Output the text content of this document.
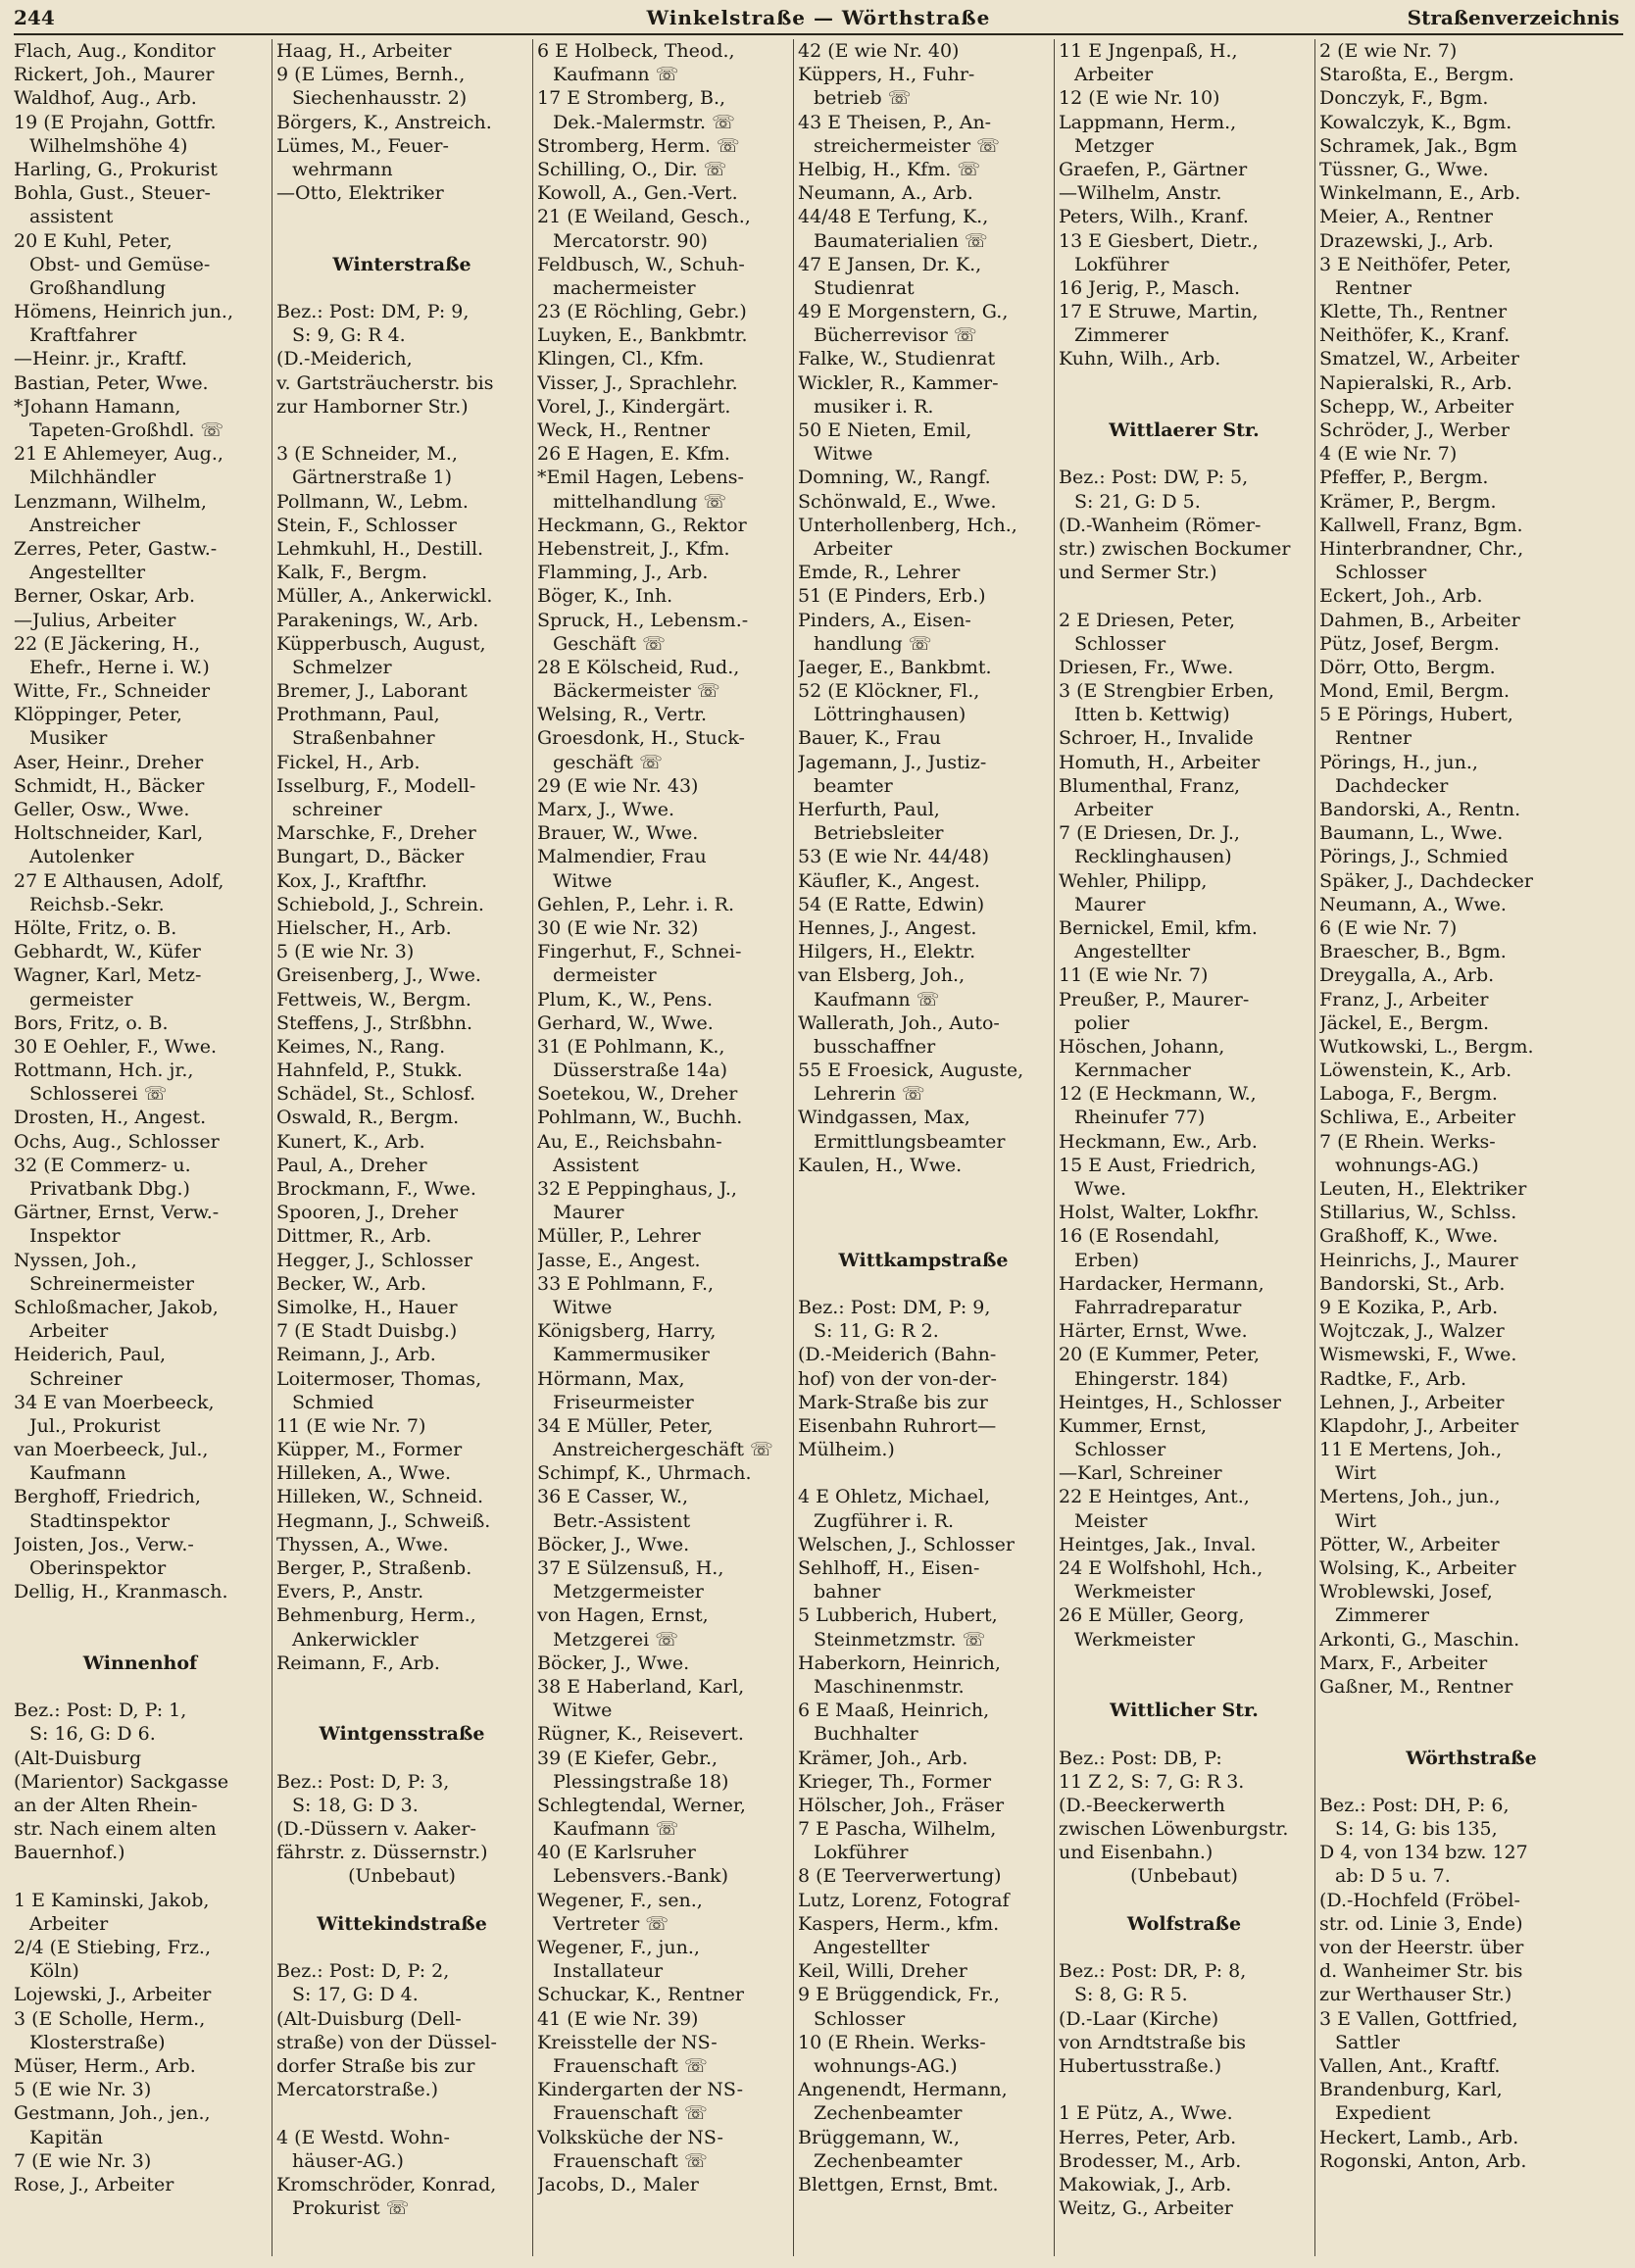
244	Winkelstraße — Wörthstraße	Straßenverzeichnis
Flach, Aug., Konditor
Rickert, Joh., Maurer
Waldhof, Aug., Arb.
19 (E Projahn, Gottfr.
Wilhelmshöhe 4)
Harling, G., Prokurist
Bohla, Gust., Steuer-
assistent
20 E Kuhl, Peter,
Obst- und Gemüse-
Großhandlung
Hömens, Heinrich jun.,
Kraftfahrer
—Heinr. jr., Kraftf.
Bastian, Peter, Wwe.
*Johann Hamann,
Tapeten-Großhdl. ☏
21 E Ahlemeyer, Aug.,
Milchhändler
Lenzmann, Wilhelm,
Anstreicher
Zerres, Peter, Gastw.-
Angestellter
Berner, Oskar, Arb.
—Julius, Arbeiter
22 (E Jäckering, H.,
Ehefr., Herne i. W.)
Witte, Fr., Schneider
Klöppinger, Peter,
Musiker
Aser, Heinr., Dreher
Schmidt, H., Bäcker
Geller, Osw., Wwe.
Holtschneider, Karl,
Autolenker
27 E Althausen, Adolf,
Reichsb.-Sekr.
Hölte, Fritz, o. B.
Gebhardt, W., Küfer
Wagner, Karl, Metz-
germeister
Bors, Fritz, o. B.
30 E Oehler, F., Wwe.
Rottmann, Hch. jr.,
Schlosserei ☏
Drosten, H., Angest.
Ochs, Aug., Schlosser
32 (E Commerz- u.
Privatbank Dbg.)
Gärtner, Ernst, Verw.-
Inspektor
Nyssen, Joh.,
Schreinermeister
Schloßmacher, Jakob,
Arbeiter
Heiderich, Paul,
Schreiner
34 E van Moerbeeck,
Jul., Prokurist
van Moerbeeck, Jul.,
Kaufmann
Berghoff, Friedrich,
Stadtinspektor
Joisten, Jos., Verw.-
Oberinspektor
Dellig, H., Kranmasch.
Winnenhof
Bez.: Post: D, P: 1,
S: 16, G: D 6.
(Alt-Duisburg
(Marientor) Sackgasse
an der Alten Rhein-
str. Nach einem alten
Bauernhof.)
1 E Kaminski, Jakob,
Arbeiter
2/4 (E Stiebing, Frz.,
Köln)
Lojewski, J., Arbeiter
3 (E Scholle, Herm.,
Klosterstraße)
Müser, Herm., Arb.
5 (E wie Nr. 3)
Gestmann, Joh., jen.,
Kapitän
7 (E wie Nr. 3)
Rose, J., Arbeiter
Haag, H., Arbeiter
9 (E Lümes, Bernh.,
Siechenhausstr. 2)
Börgers, K., Anstreich.
Lümes, M., Feuer-
wehrmann
—Otto, Elektriker
Winterstraße
Bez.: Post: DM, P: 9,
S: 9, G: R 4.
(D.-Meiderich,
v. Gartsträucherstr. bis
zur Hamborner Str.)
3 (E Schneider, M.,
Gärtnerstraße 1)
Pollmann, W., Lebm.
Stein, F., Schlosser
Lehmkuhl, H., Destill.
Kalk, F., Bergm.
Müller, A., Ankerwickl.
Parakenings, W., Arb.
Küpperbusch, August,
Schmelzer
Bremer, J., Laborant
Prothmann, Paul,
Straßenbahner
Fickel, H., Arb.
Isselburg, F., Modell-
schreiner
Marschke, F., Dreher
Bungart, D., Bäcker
Kox, J., Kraftfhr.
Schiebold, J., Schrein.
Hielscher, H., Arb.
5 (E wie Nr. 3)
Greisenberg, J., Wwe.
Fettweis, W., Bergm.
Steffens, J., Strßbhn.
Keimes, N., Rang.
Hahnfeld, P., Stukk.
Schädel, St., Schlosf.
Oswald, R., Bergm.
Kunert, K., Arb.
Paul, A., Dreher
Brockmann, F., Wwe.
Spooren, J., Dreher
Dittmer, R., Arb.
Hegger, J., Schlosser
Becker, W., Arb.
Simolke, H., Hauer
7 (E Stadt Duisbg.)
Reimann, J., Arb.
Loitermoser, Thomas,
Schmied
11 (E wie Nr. 7)
Küpper, M., Former
Hilleken, A., Wwe.
Hilleken, W., Schneid.
Hegmann, J., Schweiß.
Thyssen, A., Wwe.
Berger, P., Straßenb.
Evers, P., Anstr.
Behmenburg, Herm.,
Ankerwickler
Reimann, F., Arb.
Wintgensstraße
Bez.: Post: D, P: 3,
S: 18, G: D 3.
(D.-Düssern v. Aaker-
fährstr. z. Düssernstr.)
(Unbebaut)
Wittekindstraße
Bez.: Post: D, P: 2,
S: 17, G: D 4.
(Alt-Duisburg (Dell-
straße) von der Düssel-
dorfer Straße bis zur
Mercatorstraße.)
4 (E Westd. Wohn-
häuser-AG.)
Kromschröder, Konrad,
Prokurist ☏
6 E Holbeck, Theod.,
Kaufmann ☏
17 E Stromberg, B.,
Dek.-Malermstr. ☏
Stromberg, Herm. ☏
Schilling, O., Dir. ☏
Kowoll, A., Gen.-Vert.
21 (E Weiland, Gesch.,
Mercatorstr. 90)
Feldbusch, W., Schuh-
machermeister
23 (E Röchling, Gebr.)
Luyken, E., Bankbmtr.
Klingen, Cl., Kfm.
Visser, J., Sprachlehr.
Vorel, J., Kindergärt.
Weck, H., Rentner
26 E Hagen, E. Kfm.
*Emil Hagen, Lebens-
mittelhandlung ☏
Heckmann, G., Rektor
Hebenstreit, J., Kfm.
Flamming, J., Arb.
Böger, K., Inh.
Spruck, H., Lebensm.-
Geschäft ☏
28 E Kölscheid, Rud.,
Bäckermeister ☏
Welsing, R., Vertr.
Groesdonk, H., Stuck-
geschäft ☏
29 (E wie Nr. 43)
Marx, J., Wwe.
Brauer, W., Wwe.
Malmendier, Frau
Witwe
Gehlen, P., Lehr. i. R.
30 (E wie Nr. 32)
Fingerhut, F., Schnei-
dermeister
Plum, K., W., Pens.
Gerhard, W., Wwe.
31 (E Pohlmann, K.,
Düsserstraße 14a)
Soetekou, W., Dreher
Pohlmann, W., Buchh.
Au, E., Reichsbahn-
Assistent
32 E Peppinghaus, J.,
Maurer
Müller, P., Lehrer
Jasse, E., Angest.
33 E Pohlmann, F.,
Witwe
Königsberg, Harry,
Kammermusiker
Hörmann, Max,
Friseurmeister
34 E Müller, Peter,
Anstreichergeschäft ☏
Schimpf, K., Uhrmach.
36 E Casser, W.,
Betr.-Assistent
Böcker, J., Wwe.
37 E Sülzensuß, H.,
Metzgermeister
von Hagen, Ernst,
Metzgerei ☏
Böcker, J., Wwe.
38 E Haberland, Karl,
Witwe
Rügner, K., Reisevert.
39 (E Kiefer, Gebr.,
Plessingstraße 18)
Schlegtendal, Werner,
Kaufmann ☏
40 (E Karlsruher
Lebensvers.-Bank)
Wegener, F., sen.,
Vertreter ☏
Wegener, F., jun.,
Installateur
Schuckar, K., Rentner
41 (E wie Nr. 39)
Kreisstelle der NS-
Frauenschaft ☏
Kindergarten der NS-
Frauenschaft ☏
Volksküche der NS-
Frauenschaft ☏
Jacobs, D., Maler
42 (E wie Nr. 40)
Küppers, H., Fuhr-
betrieb ☏
43 E Theisen, P., An-
streichermeister ☏
Helbig, H., Kfm. ☏
Neumann, A., Arb.
44/48 E Terfung, K.,
Baumaterialien ☏
47 E Jansen, Dr. K.,
Studienrat
49 E Morgenstern, G.,
Bücherrevisor ☏
Falke, W., Studienrat
Wickler, R., Kammer-
musiker i. R.
50 E Nieten, Emil,
Witwe
Domning, W., Rangf.
Schönwald, E., Wwe.
Unterhollenberg, Hch.,
Arbeiter
Emde, R., Lehrer
51 (E Pinders, Erb.)
Pinders, A., Eisen-
handlung ☏
Jaeger, E., Bankbmt.
52 (E Klöckner, Fl.,
Löttringhausen)
Bauer, K., Frau
Jagemann, J., Justiz-
beamter
Herfurth, Paul,
Betriebsleiter
53 (E wie Nr. 44/48)
Käufler, K., Angest.
54 (E Ratte, Edwin)
Hennes, J., Angest.
Hilgers, H., Elektr.
van Elsberg, Joh.,
Kaufmann ☏
Wallerath, Joh., Auto-
busschaffner
55 E Froesick, Auguste,
Lehrerin ☏
Windgassen, Max,
Ermittlungsbeamter
Kaulen, H., Wwe.
Wittkampstraße
Bez.: Post: DM, P: 9,
S: 11, G: R 2.
(D.-Meiderich (Bahn-
hof) von der von-der-
Mark-Straße bis zur
Eisenbahn Ruhrort—
Mülheim.)
4 E Ohletz, Michael,
Zugführer i. R.
Welschen, J., Schlosser
Sehlhoff, H., Eisen-
bahner
5 Lubberich, Hubert,
Steinmetzmstr. ☏
Haberkorn, Heinrich,
Maschinenmstr.
6 E Maaß, Heinrich,
Buchhalter
Krämer, Joh., Arb.
Krieger, Th., Former
Hölscher, Joh., Fräser
7 E Pascha, Wilhelm,
Lokführer
8 (E Teerverwertung)
Lutz, Lorenz, Fotograf
Kaspers, Herm., kfm.
Angestellter
Keil, Willi, Dreher
9 E Brüggendick, Fr.,
Schlosser
10 (E Rhein. Werks-
wohnungs-AG.)
Angenendt, Hermann,
Zechenbeamter
Brüggemann, W.,
Zechenbeamter
Blettgen, Ernst, Bmt.
11 E Jngenpaß, H.,
Arbeiter
12 (E wie Nr. 10)
Lappmann, Herm.,
Metzger
Graefen, P., Gärtner
—Wilhelm, Anstr.
Peters, Wilh., Kranf.
13 E Giesbert, Dietr.,
Lokführer
16 Jerig, P., Masch.
17 E Struwe, Martin,
Zimmerer
Kuhn, Wilh., Arb.
Wittlaerer Str.
Bez.: Post: DW, P: 5,
S: 21, G: D 5.
(D.-Wanheim (Römer-
str.) zwischen Bockumer
und Sermer Str.)
2 E Driesen, Peter,
Schlosser
Driesen, Fr., Wwe.
3 (E Strengbier Erben,
Itten b. Kettwig)
Schroer, H., Invalide
Homuth, H., Arbeiter
Blumenthal, Franz,
Arbeiter
7 (E Driesen, Dr. J.,
Recklinghausen)
Wehler, Philipp,
Maurer
Bernickel, Emil, kfm.
Angestellter
11 (E wie Nr. 7)
Preußer, P., Maurer-
polier
Höschen, Johann,
Kernmacher
12 (E Heckmann, W.,
Rheinufer 77)
Heckmann, Ew., Arb.
15 E Aust, Friedrich,
Wwe.
Holst, Walter, Lokfhr.
16 (E Rosendahl,
Erben)
Hardacker, Hermann,
Fahrradreparatur
Härter, Ernst, Wwe.
20 (E Kummer, Peter,
Ehingerstr. 184)
Heintges, H., Schlosser
Kummer, Ernst,
Schlosser
—Karl, Schreiner
22 E Heintges, Ant.,
Meister
Heintges, Jak., Inval.
24 E Wolfshohl, Hch.,
Werkmeister
26 E Müller, Georg,
Werkmeister
Wittlicher Str.
Bez.: Post: DB, P:
11 Z 2, S: 7, G: R 3.
(D.-Beeckerwerth
zwischen Löwenburgstr.
und Eisenbahn.)
(Unbebaut)
Wolfstraße
Bez.: Post: DR, P: 8,
S: 8, G: R 5.
(D.-Laar (Kirche)
von Arndtstraße bis
Hubertusstraße.)
1 E Pütz, A., Wwe.
Herres, Peter, Arb.
Brodesser, M., Arb.
Makowiak, J., Arb.
Weitz, G., Arbeiter
2 (E wie Nr. 7)
Staroßta, E., Bergm.
Donczyk, F., Bgm.
Kowalczyk, K., Bgm.
Schramek, Jak., Bgm
Tüssner, G., Wwe.
Winkelmann, E., Arb.
Meier, A., Rentner
Drazewski, J., Arb.
3 E Neithöfer, Peter,
Rentner
Klette, Th., Rentner
Neithöfer, K., Kranf.
Smatzel, W., Arbeiter
Napieralski, R., Arb.
Schepp, W., Arbeiter
Schröder, J., Werber
4 (E wie Nr. 7)
Pfeffer, P., Bergm.
Krämer, P., Bergm.
Kallwell, Franz, Bgm.
Hinterbrandner, Chr.,
Schlosser
Eckert, Joh., Arb.
Dahmen, B., Arbeiter
Pütz, Josef, Bergm.
Dörr, Otto, Bergm.
Mond, Emil, Bergm.
5 E Pörings, Hubert,
Rentner
Pörings, H., jun.,
Dachdecker
Bandorski, A., Rentn.
Baumann, L., Wwe.
Pörings, J., Schmied
Späker, J., Dachdecker
Neumann, A., Wwe.
6 (E wie Nr. 7)
Braescher, B., Bgm.
Dreygalla, A., Arb.
Franz, J., Arbeiter
Jäckel, E., Bergm.
Wutkowski, L., Bergm.
Löwenstein, K., Arb.
Laboga, F., Bergm.
Schliwa, E., Arbeiter
7 (E Rhein. Werks-
wohnungs-AG.)
Leuten, H., Elektriker
Stillarius, W., Schlss.
Graßhoff, K., Wwe.
Heinrichs, J., Maurer
Bandorski, St., Arb.
9 E Kozika, P., Arb.
Wojtczak, J., Walzer
Wismewski, F., Wwe.
Radtke, F., Arb.
Lehnen, J., Arbeiter
Klapdohr, J., Arbeiter
11 E Mertens, Joh.,
Wirt
Mertens, Joh., jun.,
Wirt
Pötter, W., Arbeiter
Wolsing, K., Arbeiter
Wroblewski, Josef,
Zimmerer
Arkonti, G., Maschin.
Marx, F., Arbeiter
Gaßner, M., Rentner
Wörthstraße
Bez.: Post: DH, P: 6,
S: 14, G: bis 135,
D 4, von 134 bzw. 127
ab: D 5 u. 7.
(D.-Hochfeld (Fröbel-
str. od. Linie 3, Ende)
von der Heerstr. über
d. Wanheimer Str. bis
zur Werthauser Str.)
3 E Vallen, Gottfried,
Sattler
Vallen, Ant., Kraftf.
Brandenburg, Karl,
Expedient
Heckert, Lamb., Arb.
Rogonski, Anton, Arb.
